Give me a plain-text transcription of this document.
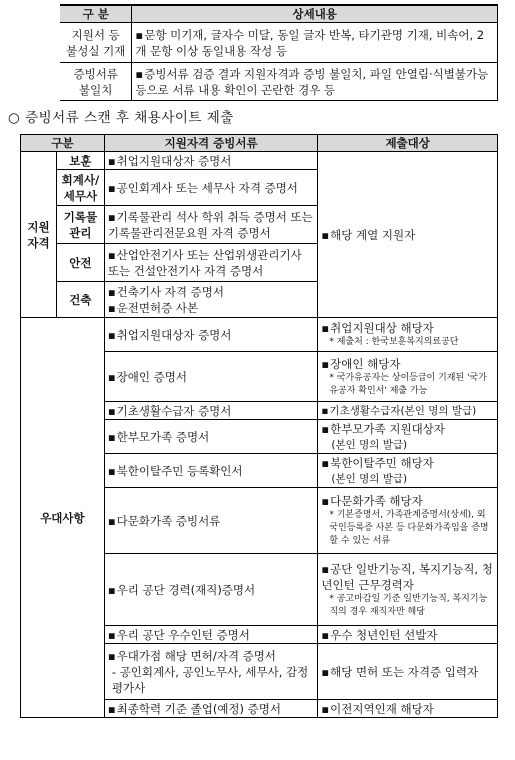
구 분	상세내용
지원서 등
불성실 기재	▪ 문항 미기재, 글자수 미달, 동일 글자 반복, 타기관명 기재, 비속어, 2개 문항 이상 동일내용 작성 등
증빙서류
불일치	▪ 증빙서류 검증 결과 지원자격과 증빙 불일치, 파일 안열림·식별불가능 등으로 서류 내용 확인이 곤란한 경우 등
○ 증빙서류 스캔 후 채용사이트 제출
구분		지원자격 증빙서류	제출대상
지원
자격	보훈	▪ 취업지원대상자 증명서	▪ 해당 계열 지원자
	회계사/
세무사	▪ 공인회계사 또는 세무사 자격 증명서
	기록물
관리	▪ 기록물관리 석사 학위 취득 증명서 또는 기록물관리전문요원 자격 증명서
	안전	▪ 산업안전기사 또는 산업위생관리기사 또는 건설안전기사 자격 증명서
	건축	▪ 건축기사 자격 증명서
▪ 운전면허증 사본

우대사항		▪ 취업지원대상자 증명서	▪ 취업지원대상 해당자
* 제출처 : 한국보훈복지의료공단

		▪ 장애인 증명서	▪ 장애인 해당자
* 국가유공자는 상이등급이 기재된 '국가유공자 확인서' 제출 가능

		▪ 기초생활수급자 증명서	▪ 기초생활수급자(본인 명의 발급)
		▪ 한부모가족 증명서	▪ 한부모가족 지원대상자
(본인 명의 발급)

		▪ 북한이탈주민 등록확인서	▪ 북한이탈주민 해당자
(본인 명의 발급)

		▪ 다문화가족 증빙서류	▪ 다문화가족 해당자
* 기본증명서, 가족관계증명서(상세), 외국인등록증 사본 등 다문화가족임을 증명할 수 있는 서류

		▪ 우리 공단 경력(재직)증명서	▪ 공단 일반기능직, 복지기능직, 청년인턴 근무경력자
* 공고마감일 기준 일반기능직, 복지기능직의 경우 재직자만 해당

		▪ 우리 공단 우수인턴 증명서	▪ 우수 청년인턴 선발자

		▪ 우대가점 해당 면허/자격 증명서
- 공인회계사, 공인노무사, 세무사, 감정평가사	▪ 해당 면허 또는 자격증 입력자
		▪ 최종학력 기준 졸업(예정) 증명서	▪ 이전지역인재 해당자
